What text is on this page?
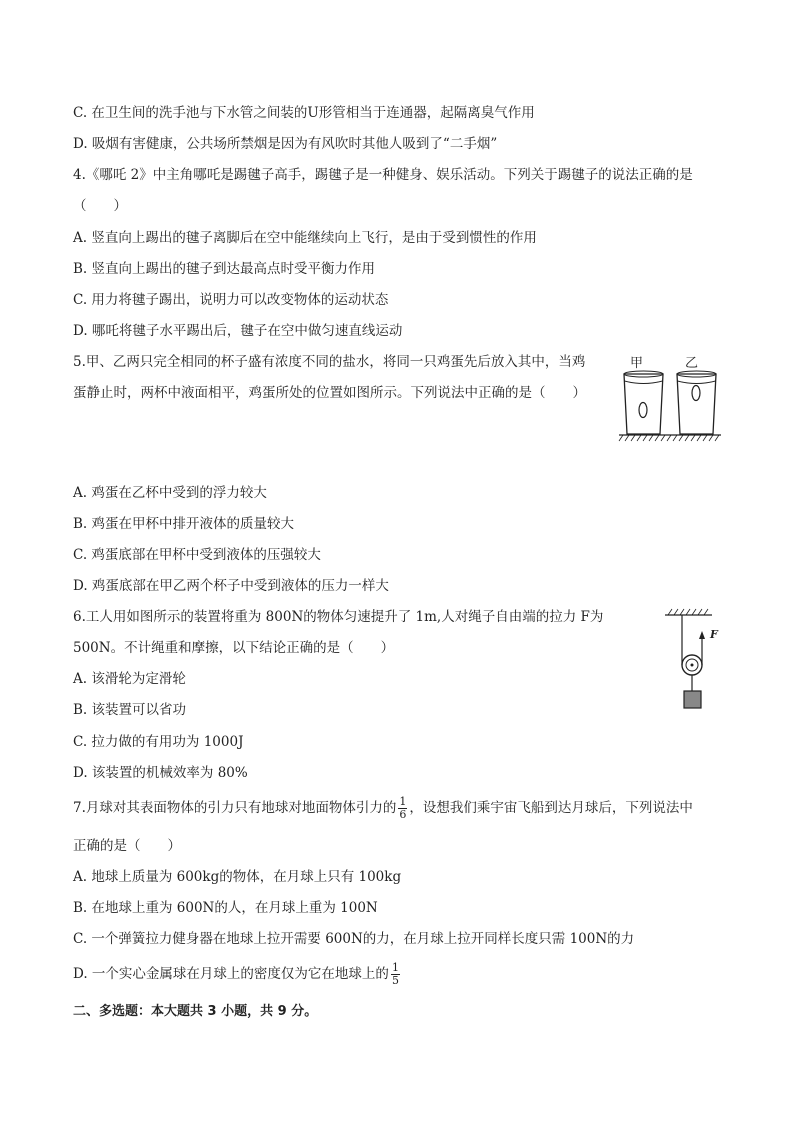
C. 在卫生间的洗手池与下水管之间装的U形管相当于连通器，起隔离臭气作用
D. 吸烟有害健康，公共场所禁烟是因为有风吹时其他人吸到了“二手烟”
4.《哪吒 2》中主角哪吒是踢毽子高手，踢毽子是一种健身、娱乐活动。下列关于踢毽子的说法正确的是
（　　）
A. 竖直向上踢出的毽子离脚后在空中能继续向上飞行，是由于受到惯性的作用
B. 竖直向上踢出的毽子到达最高点时受平衡力作用
C. 用力将毽子踢出，说明力可以改变物体的运动状态
D. 哪吒将毽子水平踢出后，毽子在空中做匀速直线运动
5.甲、乙两只完全相同的杯子盛有浓度不同的盐水，将同一只鸡蛋先后放入其中，当鸡
蛋静止时，两杯中液面相平，鸡蛋所处的位置如图所示。下列说法中正确的是（　　）
甲	乙
A. 鸡蛋在乙杯中受到的浮力较大
B. 鸡蛋在甲杯中排开液体的质量较大
C. 鸡蛋底部在甲杯中受到液体的压强较大
D. 鸡蛋底部在甲乙两个杯子中受到液体的压力一样大
6.工人用如图所示的装置将重为 800N的物体匀速提升了 1m,人对绳子自由端的拉力 F为
500N。不计绳重和摩擦，以下结论正确的是（　　）
F
A. 该滑轮为定滑轮
B. 该装置可以省功
C. 拉力做的有用功为 1000J
D. 该装置的机械效率为 80%
7.月球对其表面物体的引力只有地球对地面物体引力的 $\frac{1}{6}$ ，设想我们乘宇宙飞船到达月球后，下列说法中
正确的是（　　）
A. 地球上质量为 600kg的物体，在月球上只有 100kg
B. 在地球上重为 600N的人，在月球上重为 100N
C. 一个弹簧拉力健身器在地球上拉开需要 600N的力，在月球上拉开同样长度只需 100N的力
D. 一个实心金属球在月球上的密度仅为它在地球上的 $\frac{1}{5}$
二、多选题：本大题共 3 小题，共 9 分。
